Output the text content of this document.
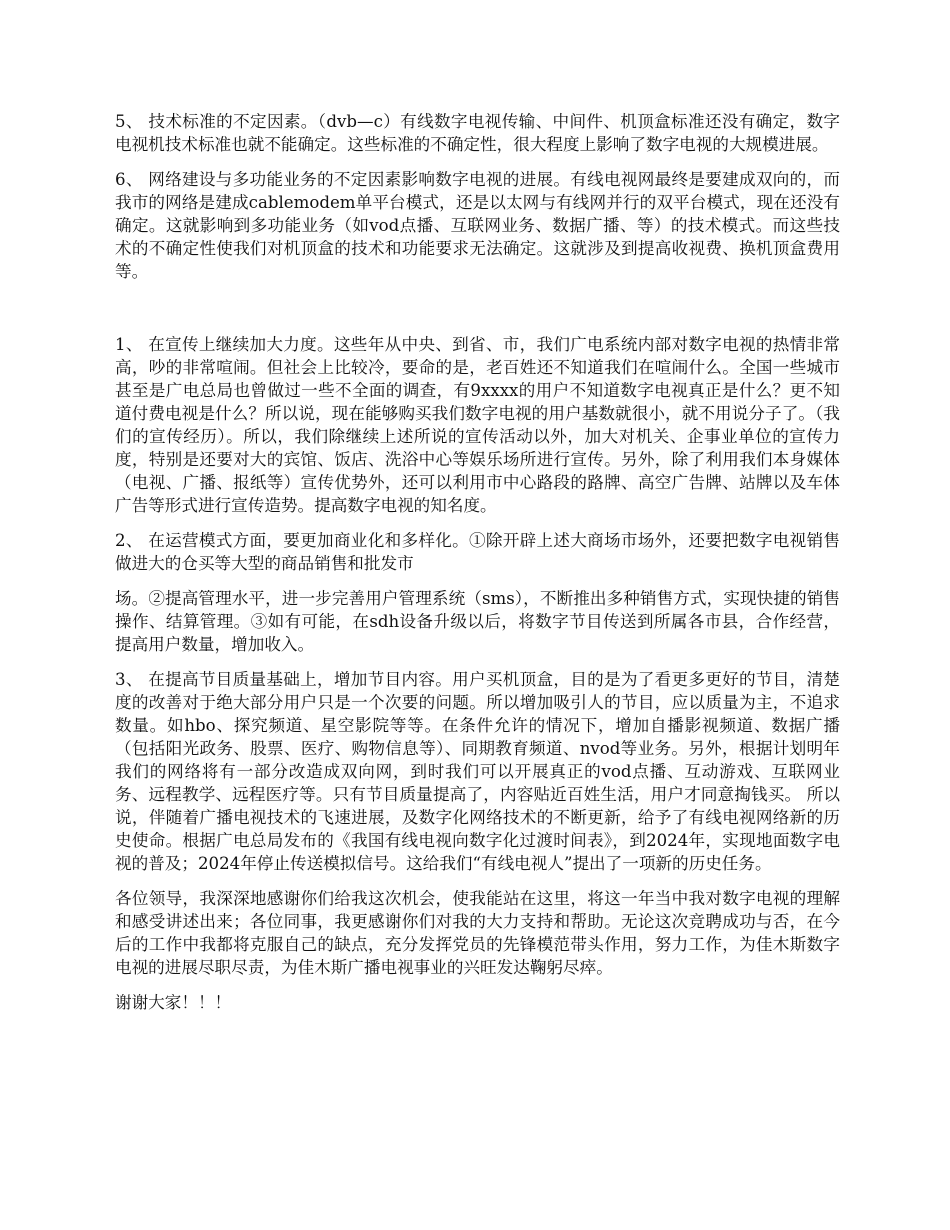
5、 技术标准的不定因素。（dvb—c）有线数字电视传输、中间件、机顶盒标准还没有确定，数字电视机技术标准也就不能确定。这些标准的不确定性，很大程度上影响了数字电视的大规模进展。

6、 网络建设与多功能业务的不定因素影响数字电视的进展。有线电视网最终是要建成双向的，而我市的网络是建成cablemodem单平台模式，还是以太网与有线网并行的双平台模式，现在还没有确定。这就影响到多功能业务（如vod点播、互联网业务、数据广播、等）的技术模式。而这些技术的不确定性使我们对机顶盒的技术和功能要求无法确定。这就涉及到提高收视费、换机顶盒费用等。

1、 在宣传上继续加大力度。这些年从中央、到省、市，我们广电系统内部对数字电视的热情非常高，吵的非常喧闹。但社会上比较冷，要命的是，老百姓还不知道我们在喧闹什么。全国一些城市甚至是广电总局也曾做过一些不全面的调查，有9xxxx的用户不知道数字电视真正是什么？更不知道付费电视是什么？所以说，现在能够购买我们数字电视的用户基数就很小，就不用说分子了。（我们的宣传经历）。所以，我们除继续上述所说的宣传活动以外，加大对机关、企事业单位的宣传力度，特别是还要对大的宾馆、饭店、洗浴中心等娱乐场所进行宣传。另外，除了利用我们本身媒体（电视、广播、报纸等）宣传优势外，还可以利用市中心路段的路牌、高空广告牌、站牌以及车体广告等形式进行宣传造势。提高数字电视的知名度。

2、 在运营模式方面，要更加商业化和多样化。①除开辟上述大商场市场外，还要把数字电视销售做进大的仓买等大型的商品销售和批发市

场。②提高管理水平，进一步完善用户管理系统（sms），不断推出多种销售方式，实现快捷的销售操作、结算管理。③如有可能，在sdh设备升级以后，将数字节目传送到所属各市县，合作经营，提高用户数量，增加收入。

3、 在提高节目质量基础上，增加节目内容。用户买机顶盒，目的是为了看更多更好的节目，清楚度的改善对于绝大部分用户只是一个次要的问题。所以增加吸引人的节目，应以质量为主，不追求数量。如hbo、探究频道、星空影院等等。在条件允许的情况下，增加自播影视频道、数据广播（包括阳光政务、股票、医疗、购物信息等）、同期教育频道、nvod等业务。另外，根据计划明年我们的网络将有一部分改造成双向网，到时我们可以开展真正的vod点播、互动游戏、互联网业务、远程教学、远程医疗等。只有节目质量提高了，内容贴近百姓生活，用户才同意掏钱买。 所以说，伴随着广播电视技术的飞速进展，及数字化网络技术的不断更新，给予了有线电视网络新的历史使命。根据广电总局发布的《我国有线电视向数字化过渡时间表》，到2024年，实现地面数字电视的普及；2024年停止传送模拟信号。这给我们“有线电视人”提出了一项新的历史任务。

各位领导，我深深地感谢你们给我这次机会，使我能站在这里，将这一年当中我对数字电视的理解和感受讲述出来；各位同事，我更感谢你们对我的大力支持和帮助。无论这次竞聘成功与否，在今后的工作中我都将克服自己的缺点，充分发挥党员的先锋模范带头作用，努力工作，为佳木斯数字电视的进展尽职尽责，为佳木斯广播电视事业的兴旺发达鞠躬尽瘁。

谢谢大家！！！
